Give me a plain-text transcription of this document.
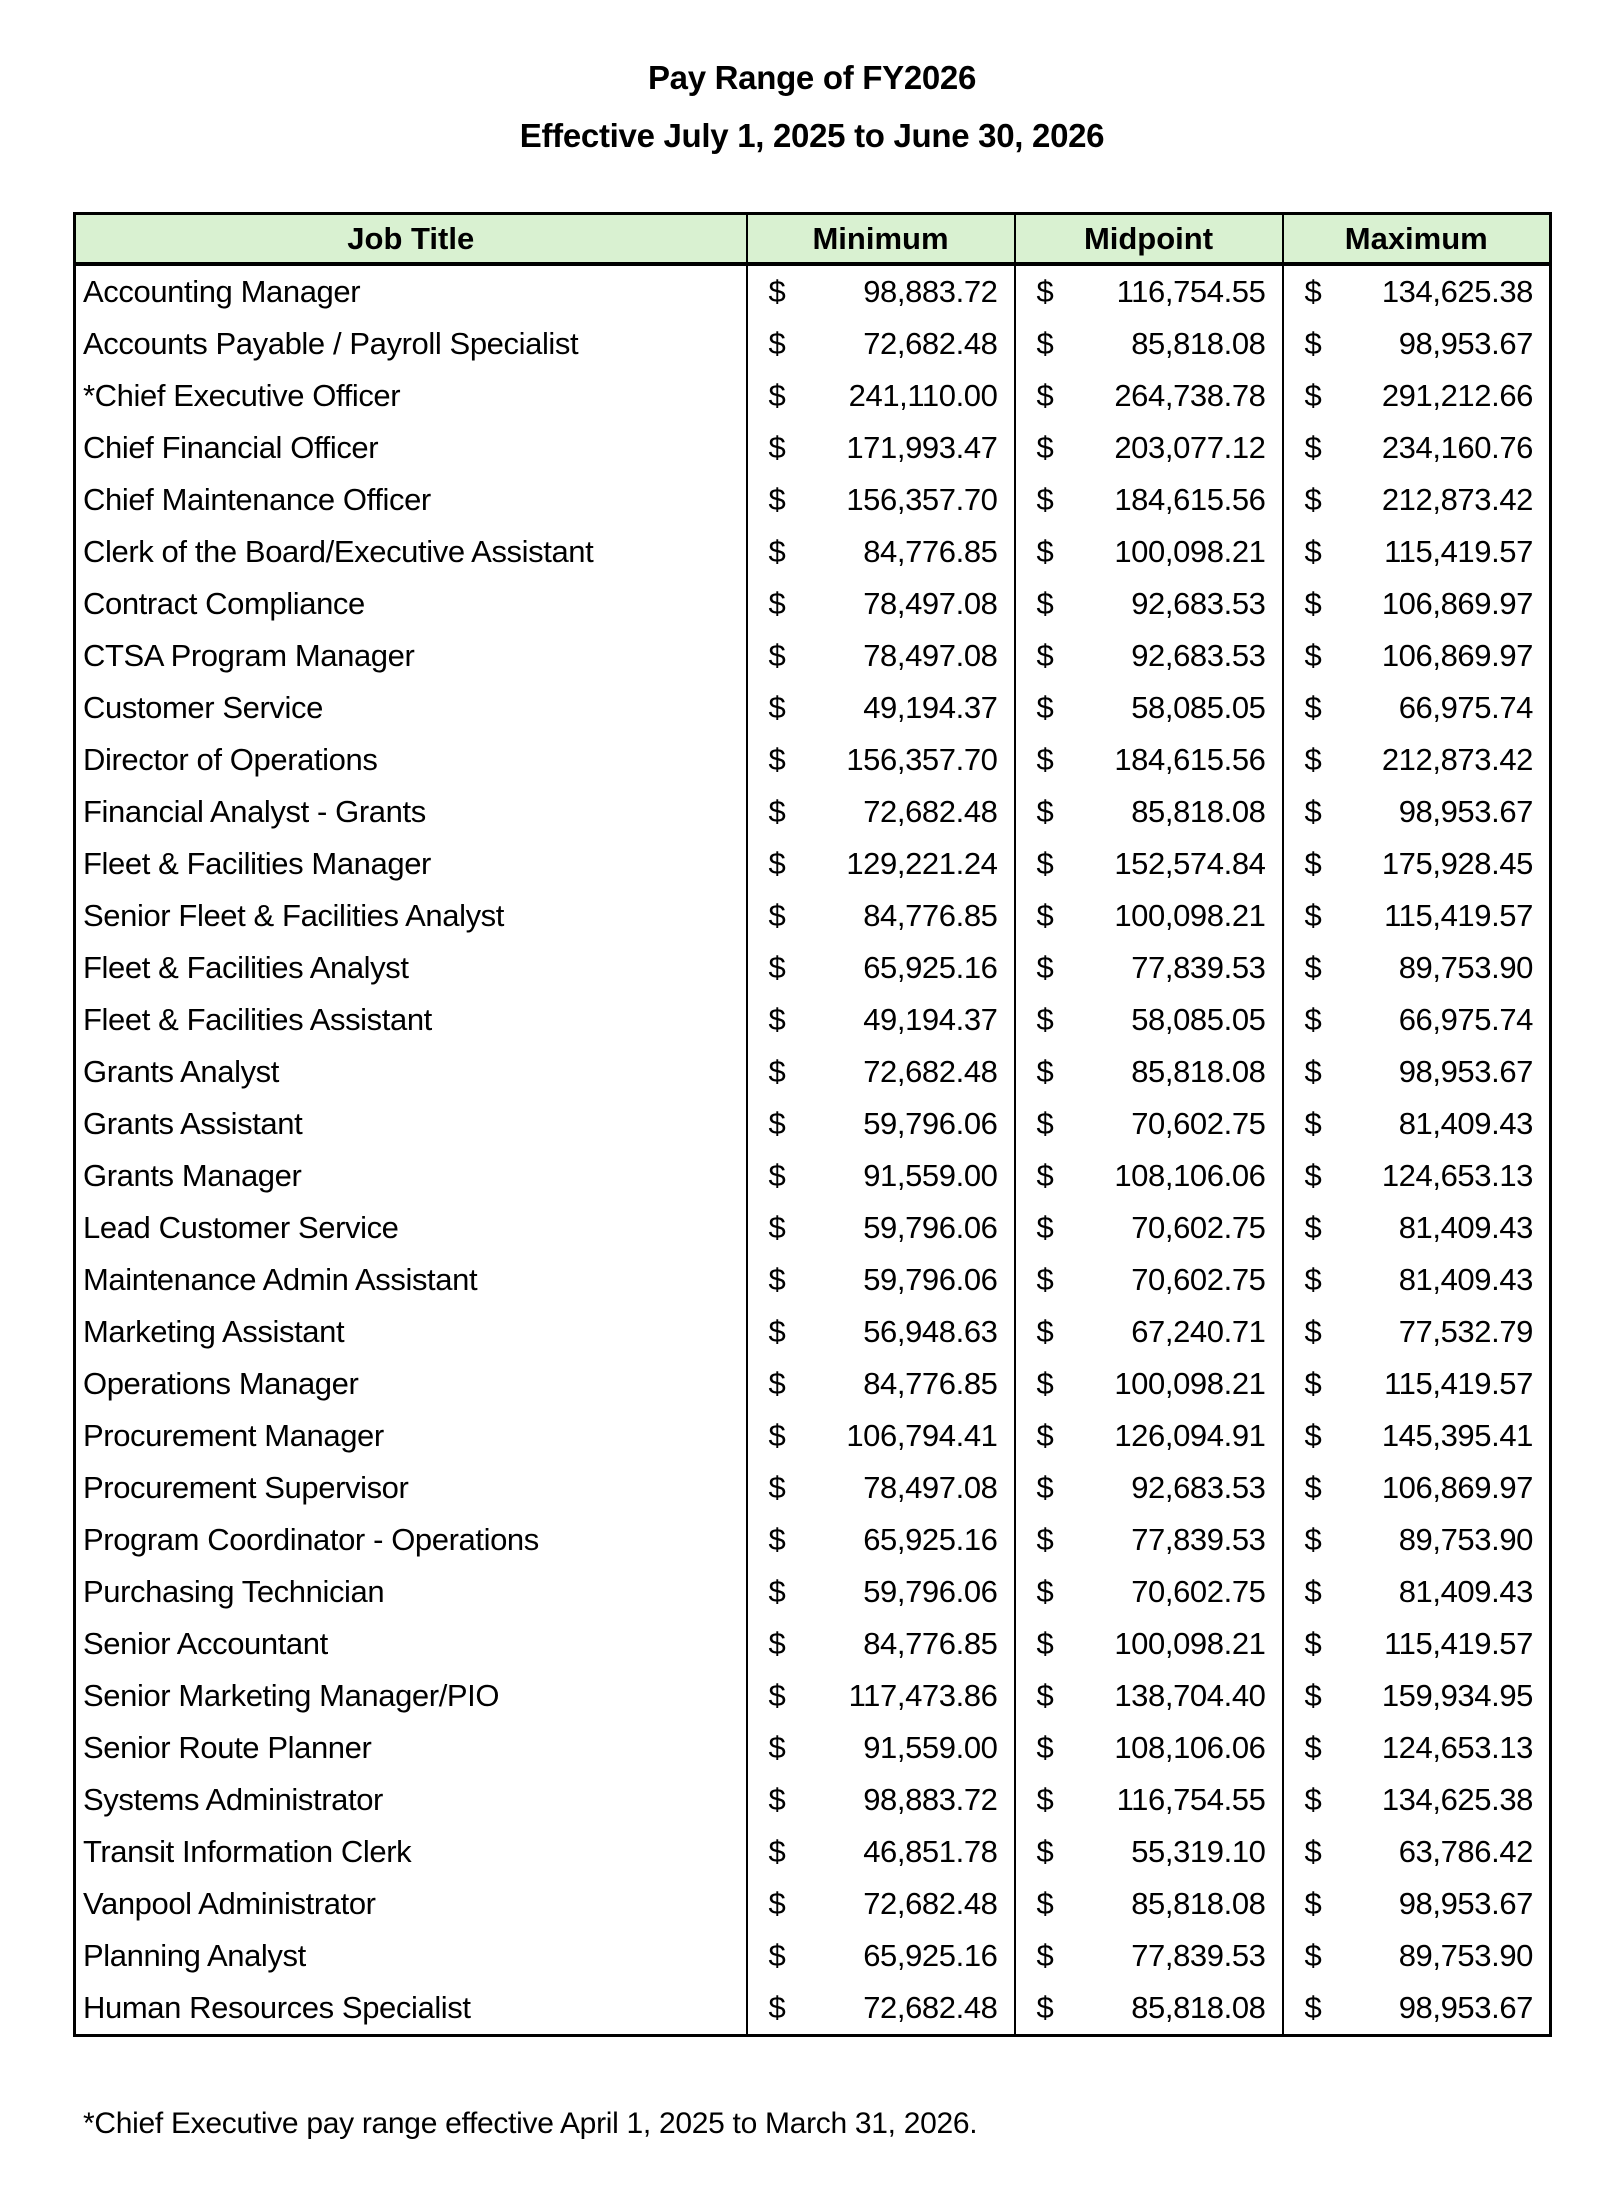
Pay Range of FY2026
Effective July 1, 2025 to June 30, 2026
Job Title	Minimum	Midpoint	Maximum
Accounting Manager	$ 98,883.72	$ 116,754.55	$ 134,625.38

Accounts Payable / Payroll Specialist	$ 72,682.48	$ 85,818.08	$ 98,953.67

*Chief Executive Officer	$ 241,110.00	$ 264,738.78	$ 291,212.66

Chief Financial Officer	$ 171,993.47	$ 203,077.12	$ 234,160.76

Chief Maintenance Officer	$ 156,357.70	$ 184,615.56	$ 212,873.42

Clerk of the Board/Executive Assistant	$ 84,776.85	$ 100,098.21	$ 115,419.57

Contract Compliance	$ 78,497.08	$ 92,683.53	$ 106,869.97

CTSA Program Manager	$ 78,497.08	$ 92,683.53	$ 106,869.97

Customer Service	$ 49,194.37	$ 58,085.05	$ 66,975.74

Director of Operations	$ 156,357.70	$ 184,615.56	$ 212,873.42

Financial Analyst - Grants	$ 72,682.48	$ 85,818.08	$ 98,953.67

Fleet & Facilities Manager	$ 129,221.24	$ 152,574.84	$ 175,928.45

Senior Fleet & Facilities Analyst	$ 84,776.85	$ 100,098.21	$ 115,419.57

Fleet & Facilities Analyst	$ 65,925.16	$ 77,839.53	$ 89,753.90

Fleet & Facilities Assistant	$ 49,194.37	$ 58,085.05	$ 66,975.74

Grants Analyst	$ 72,682.48	$ 85,818.08	$ 98,953.67

Grants Assistant	$ 59,796.06	$ 70,602.75	$ 81,409.43

Grants Manager	$ 91,559.00	$ 108,106.06	$ 124,653.13

Lead Customer Service	$ 59,796.06	$ 70,602.75	$ 81,409.43

Maintenance Admin Assistant	$ 59,796.06	$ 70,602.75	$ 81,409.43

Marketing Assistant	$ 56,948.63	$ 67,240.71	$ 77,532.79

Operations Manager	$ 84,776.85	$ 100,098.21	$ 115,419.57

Procurement Manager	$ 106,794.41	$ 126,094.91	$ 145,395.41

Procurement Supervisor	$ 78,497.08	$ 92,683.53	$ 106,869.97

Program Coordinator - Operations	$ 65,925.16	$ 77,839.53	$ 89,753.90

Purchasing Technician	$ 59,796.06	$ 70,602.75	$ 81,409.43

Senior Accountant	$ 84,776.85	$ 100,098.21	$ 115,419.57

Senior Marketing Manager/PIO	$ 117,473.86	$ 138,704.40	$ 159,934.95

Senior Route Planner	$ 91,559.00	$ 108,106.06	$ 124,653.13

Systems Administrator	$ 98,883.72	$ 116,754.55	$ 134,625.38

Transit Information Clerk	$ 46,851.78	$ 55,319.10	$ 63,786.42

Vanpool Administrator	$ 72,682.48	$ 85,818.08	$ 98,953.67

Planning Analyst	$ 65,925.16	$ 77,839.53	$ 89,753.90

Human Resources Specialist	$ 72,682.48	$ 85,818.08	$ 98,953.67
*Chief Executive pay range effective April 1, 2025 to March 31, 2026.
